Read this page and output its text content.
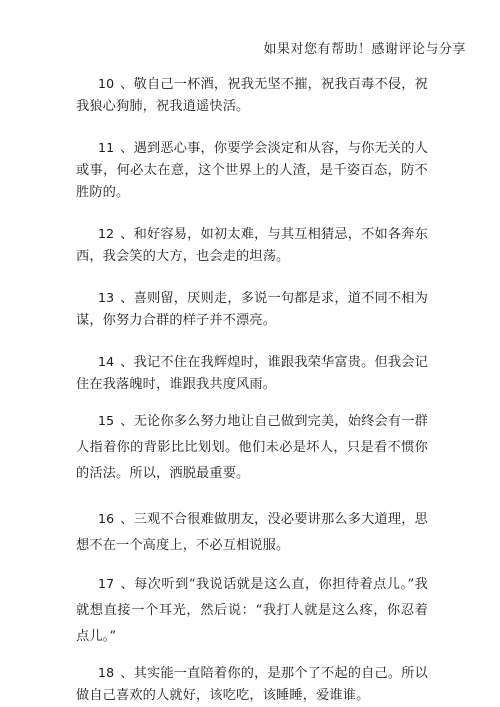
如果对您有帮助！感谢评论与分享

10 、敬自己一杯酒，祝我无坚不摧，祝我百毒不侵，祝我狼心狗肺，祝我逍遥快活。

11 、遇到恶心事，你要学会淡定和从容，与你无关的人或事，何必太在意，这个世界上的人渣，是千姿百态，防不胜防的。

12 、和好容易，如初太难，与其互相猜忌，不如各奔东西，我会笑的大方，也会走的坦荡。

13 、喜则留，厌则走，多说一句都是求，道不同不相为谋，你努力合群的样子并不漂亮。

14 、我记不住在我辉煌时，谁跟我荣华富贵。但我会记住在我落魄时，谁跟我共度风雨。

15 、无论你多么努力地让自己做到完美，始终会有一群人指着你的背影比比划划。他们未必是坏人，只是看不惯你的活法。所以，洒脱最重要。

16 、三观不合很难做朋友，没必要讲那么多大道理，思想不在一个高度上，不必互相说服。

17 、每次听到“我说话就是这么直，你担待着点儿。”我就想直接一个耳光，然后说：“我打人就是这么疼，你忍着点儿。”

18 、其实能一直陪着你的，是那个了不起的自己。所以做自己喜欢的人就好，该吃吃，该睡睡，爱谁谁。
